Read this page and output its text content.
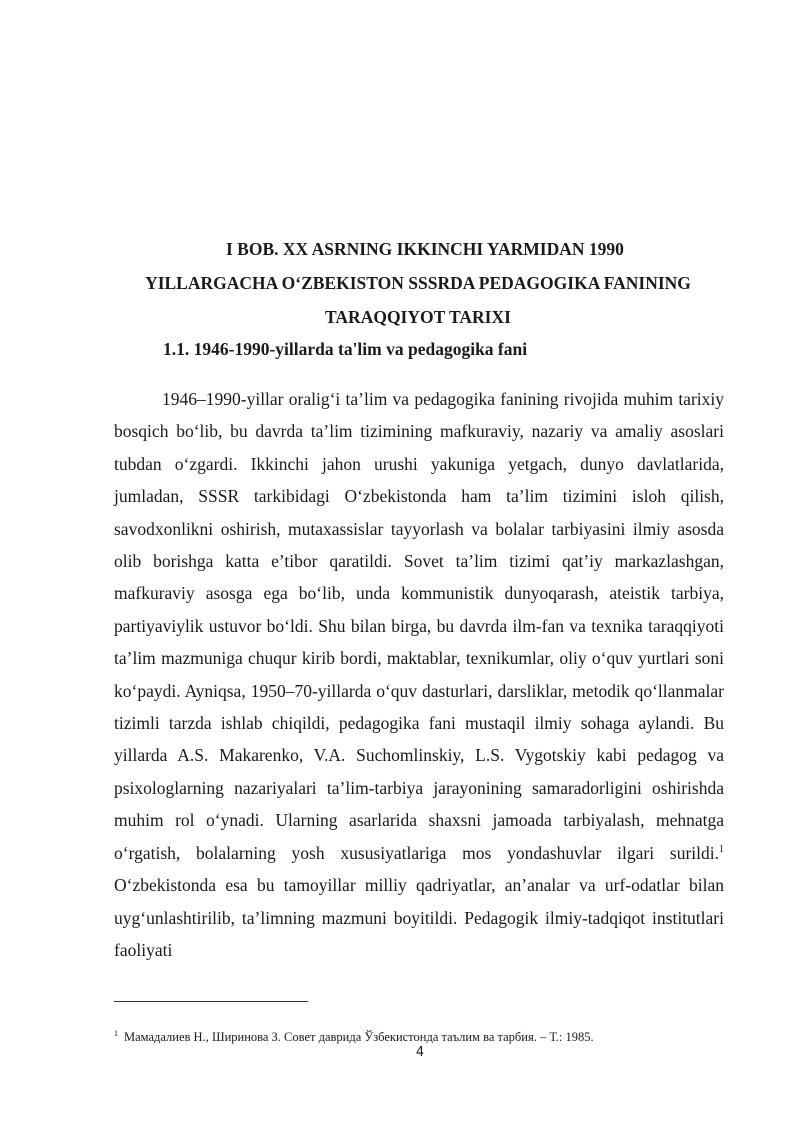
I BOB. XX ASRNING IKKINCHI YARMIDAN 1990
YILLARGACHA O‘ZBEKISTON SSSRDA PEDAGOGIKA FANINING
TARAQQIYOT TARIXI
1.1. 1946-1990-yillarda ta'lim va pedagogika fani

1946–1990-yillar oralig‘i ta’lim va pedagogika fanining rivojida muhim tarixiy bosqich bo‘lib, bu davrda ta’lim tizimining mafkuraviy, nazariy va amaliy asoslari tubdan o‘zgardi. Ikkinchi jahon urushi yakuniga yetgach, dunyo davlatlarida, jumladan, SSSR tarkibidagi O‘zbekistonda ham ta’lim tizimini isloh qilish, savodxonlikni oshirish, mutaxassislar tayyorlash va bolalar tarbiyasini ilmiy asosda olib borishga katta e’tibor qaratildi. Sovet ta’lim tizimi qat’iy markazlashgan, mafkuraviy asosga ega bo‘lib, unda kommunistik dunyoqarash, ateistik tarbiya, partiyaviylik ustuvor bo‘ldi. Shu bilan birga, bu davrda ilm-fan va texnika taraqqiyoti ta’lim mazmuniga chuqur kirib bordi, maktablar, texnikumlar, oliy o‘quv yurtlari soni ko‘paydi. Ayniqsa, 1950–70-yillarda o‘quv dasturlari, darsliklar, metodik qo‘llanmalar tizimli tarzda ishlab chiqildi, pedagogika fani mustaqil ilmiy sohaga aylandi. Bu yillarda A.S. Makarenko, V.A. Suchomlinskiy, L.S. Vygotskiy kabi pedagog va psixologlarning nazariyalari ta’lim-tarbiya jarayonining samaradorligini oshirishda muhim rol o‘ynadi. Ularning asarlarida shaxsni jamoada tarbiyalash, mehnatga o‘rgatish, bolalarning yosh xususiyatlariga mos yondashuvlar ilgari surildi.$^1$ O‘zbekistonda esa bu tamoyillar milliy qadriyatlar, an’analar va urf-odatlar bilan uyg‘unlashtirilib, ta’limning mazmuni boyitildi. Pedagogik ilmiy-tadqiqot institutlari faoliyati

$^1$ Мамадалиев Н., Ширинова З. Совет даврида Ўзбекистонда таълим ва тарбия. – Т.: 1985.

4
